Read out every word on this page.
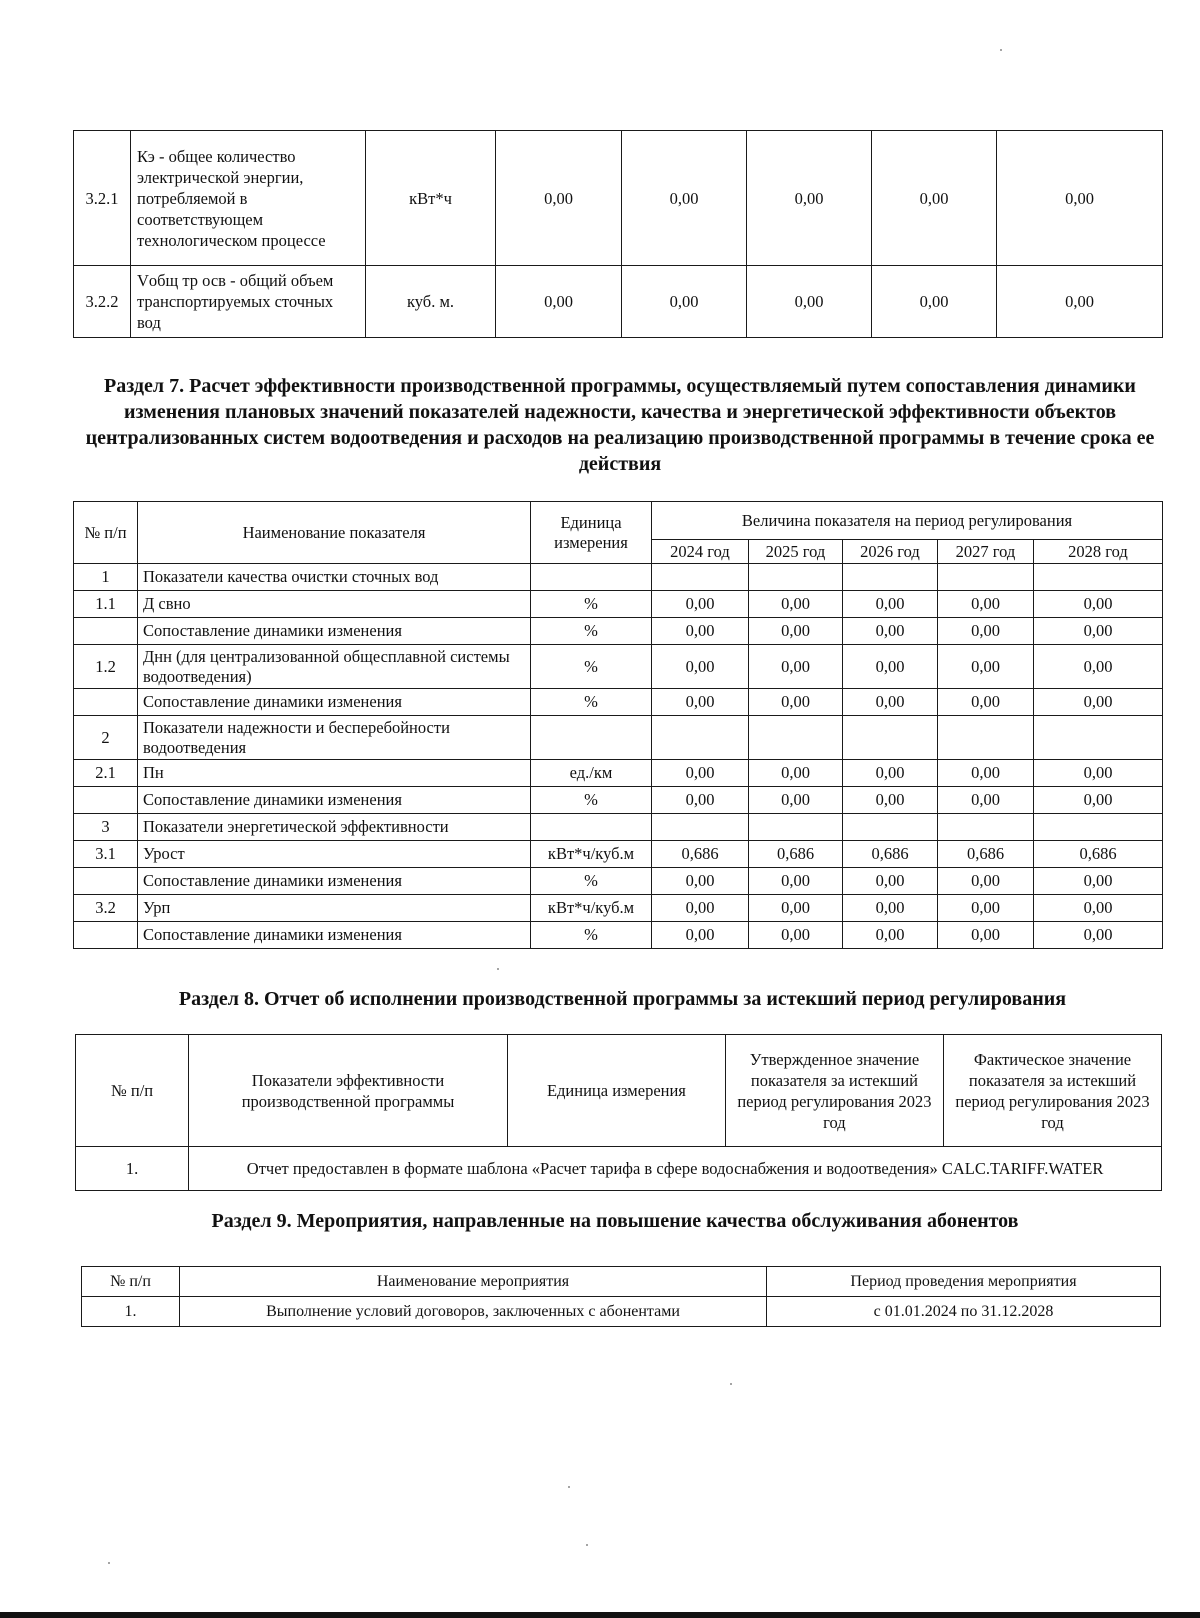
3.2.1	Кэ - общее количество электрической энергии, потребляемой в соответствующем технологическом процессе	кВт*ч	0,00	0,00	0,00	0,00	0,00
3.2.2	Vобщ тр осв - общий объем транспортируемых сточных вод	куб. м.	0,00	0,00	0,00	0,00	0,00
Раздел 7. Расчет эффективности производственной программы, осуществляемый путем сопоставления динамики изменения плановых значений показателей надежности, качества и энергетической эффективности объектов централизованных систем водоотведения и расходов на реализацию производственной программы в течение срока ее действия
№ п/п	Наименование показателя	Единица измерения	Величина показателя на период регулирования				
			2024 год	2025 год	2026 год	2027 год	2028 год
1	Показатели качества очистки сточных вод						
1.1	Д свно	%	0,00	0,00	0,00	0,00	0,00
	Сопоставление динамики изменения	%	0,00	0,00	0,00	0,00	0,00
1.2	Днн (для централизованной общесплавной системы водоотведения)	%	0,00	0,00	0,00	0,00	0,00
	Сопоставление динамики изменения	%	0,00	0,00	0,00	0,00	0,00
2	Показатели надежности и бесперебойности водоотведения						
2.1	Пн	ед./км	0,00	0,00	0,00	0,00	0,00
	Сопоставление динамики изменения	%	0,00	0,00	0,00	0,00	0,00
3	Показатели энергетической эффективности						
3.1	Урост	кВт*ч/куб.м	0,686	0,686	0,686	0,686	0,686
	Сопоставление динамики изменения	%	0,00	0,00	0,00	0,00	0,00
3.2	Урп	кВт*ч/куб.м	0,00	0,00	0,00	0,00	0,00
	Сопоставление динамики изменения	%	0,00	0,00	0,00	0,00	0,00
Раздел 8. Отчет об исполнении производственной программы за истекший период регулирования
№ п/п	Показатели эффективности производственной программы	Единица измерения	Утвержденное значение показателя за истекший период регулирования 2023 год	Фактическое значение показателя за истекший период регулирования 2023 год
1.	Отчет предоставлен в формате шаблона «Расчет тарифа в сфере водоснабжения и водоотведения» CALC.TARIFF.WATER			
Раздел 9. Мероприятия, направленные на повышение качества обслуживания абонентов
№ п/п	Наименование мероприятия	Период проведения мероприятия
1.	Выполнение условий договоров, заключенных с абонентами	с 01.01.2024 по 31.12.2028
